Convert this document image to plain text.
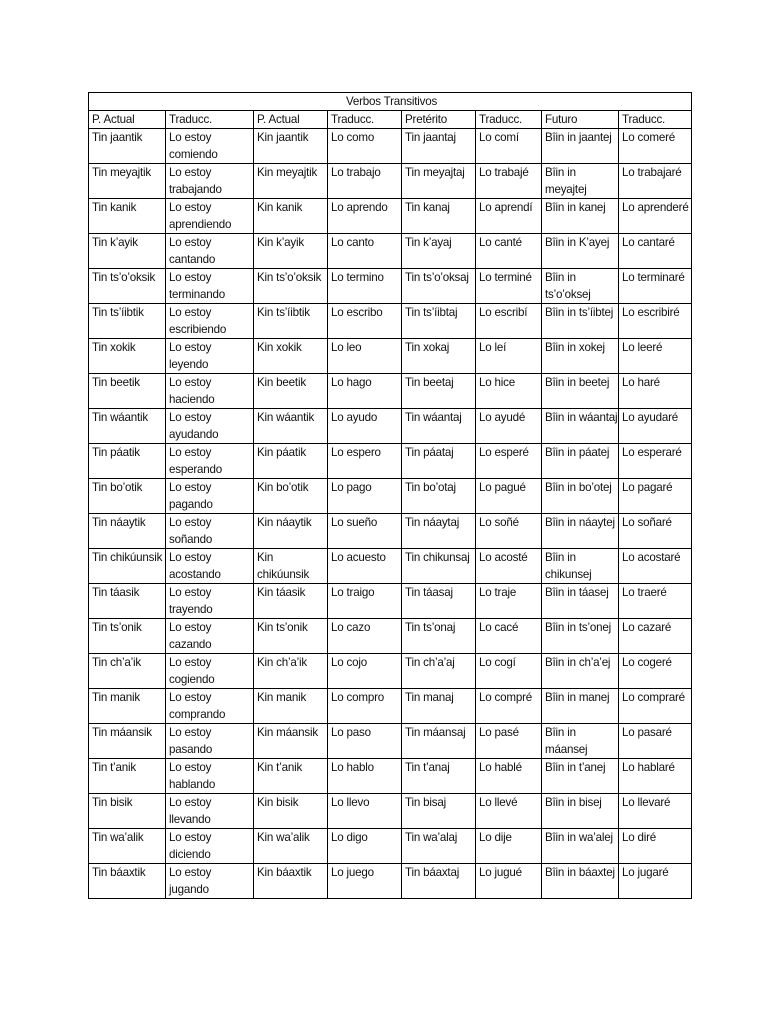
Verbos Transitivos							
P. Actual	Traducc.	P. Actual	Traducc.	Pretérito	Traducc.	Futuro	Traducc.
Tin jaantik	Lo estoy comiendo	Kin jaantik	Lo como	Tin jaantaj	Lo comí	Bîin in jaantej	Lo comeré
Tin meyajtik	Lo estoy trabajando	Kin meyajtik	Lo trabajo	Tin meyajtaj	Lo trabajé	Bîin in meyajtej	Lo trabajaré
Tin kanik	Lo estoy aprendiendo	Kin kanik	Lo aprendo	Tin kanaj	Lo aprendí	Bîin in kanej	Lo aprenderé
Tin k’ayik	Lo estoy cantando	Kin k’ayik	Lo canto	Tin k’ayaj	Lo canté	Bîin in K’ayej	Lo cantaré
Tin ts’o’oksik	Lo estoy terminando	Kin ts’o’oksik	Lo termino	Tin ts’o’oksaj	Lo terminé	Bîin in ts’o’oksej	Lo terminaré
Tin ts’íibtik	Lo estoy escribiendo	Kin ts’íibtik	Lo escribo	Tin ts’íibtaj	Lo escribí	Bîin in ts’íibtej	Lo escribiré
Tin xokik	Lo estoy leyendo	Kin xokik	Lo leo	Tin xokaj	Lo leí	Bîin in xokej	Lo leeré
Tin beetik	Lo estoy haciendo	Kin beetik	Lo hago	Tin beetaj	Lo hice	Bîin in beetej	Lo haré
Tin wáantik	Lo estoy ayudando	Kin wáantik	Lo ayudo	Tin wáantaj	Lo ayudé	Bîin in wáantaj	Lo ayudaré
Tin páatik	Lo estoy esperando	Kin páatik	Lo espero	Tin páataj	Lo esperé	Bîin in páatej	Lo esperaré
Tin bo’otik	Lo estoy pagando	Kin bo’otik	Lo pago	Tin bo’otaj	Lo pagué	Bîin in bo’otej	Lo pagaré
Tin náaytik	Lo estoy soñando	Kin náaytik	Lo sueño	Tin náaytaj	Lo soñé	Bîin in náaytej	Lo soñaré
Tin chikúunsik	Lo estoy acostando	Kin chikúunsik	Lo acuesto	Tin chikunsaj	Lo acosté	Bîin in chikunsej	Lo acostaré
Tin táasik	Lo estoy trayendo	Kin táasik	Lo traigo	Tin táasaj	Lo traje	Bîin in táasej	Lo traeré
Tin ts’onik	Lo estoy cazando	Kin ts’onik	Lo cazo	Tin ts’onaj	Lo cacé	Bîin in ts’onej	Lo cazaré
Tin ch’a’ik	Lo estoy cogiendo	Kin ch’a’ik	Lo cojo	Tin ch’a’aj	Lo cogí	Bîin in ch’a’ej	Lo cogeré
Tin manik	Lo estoy comprando	Kin manik	Lo compro	Tin manaj	Lo compré	Bîin in manej	Lo compraré
Tin máansik	Lo estoy pasando	Kin máansik	Lo paso	Tin máansaj	Lo pasé	Bîin in máansej	Lo pasaré
Tin t’anik	Lo estoy hablando	Kin t’anik	Lo hablo	Tin t’anaj	Lo hablé	Bîin in t’anej	Lo hablaré
Tin bisik	Lo estoy llevando	Kin bisik	Lo llevo	Tin bisaj	Lo llevé	Bîin in bisej	Lo llevaré
Tin wa’alik	Lo estoy diciendo	Kin wa’alik	Lo digo	Tin wa’alaj	Lo dije	Bîin in wa’alej	Lo diré
Tin báaxtik	Lo estoy jugando	Kin báaxtik	Lo juego	Tin báaxtaj	Lo jugué	Bîin in báaxtej	Lo jugaré
